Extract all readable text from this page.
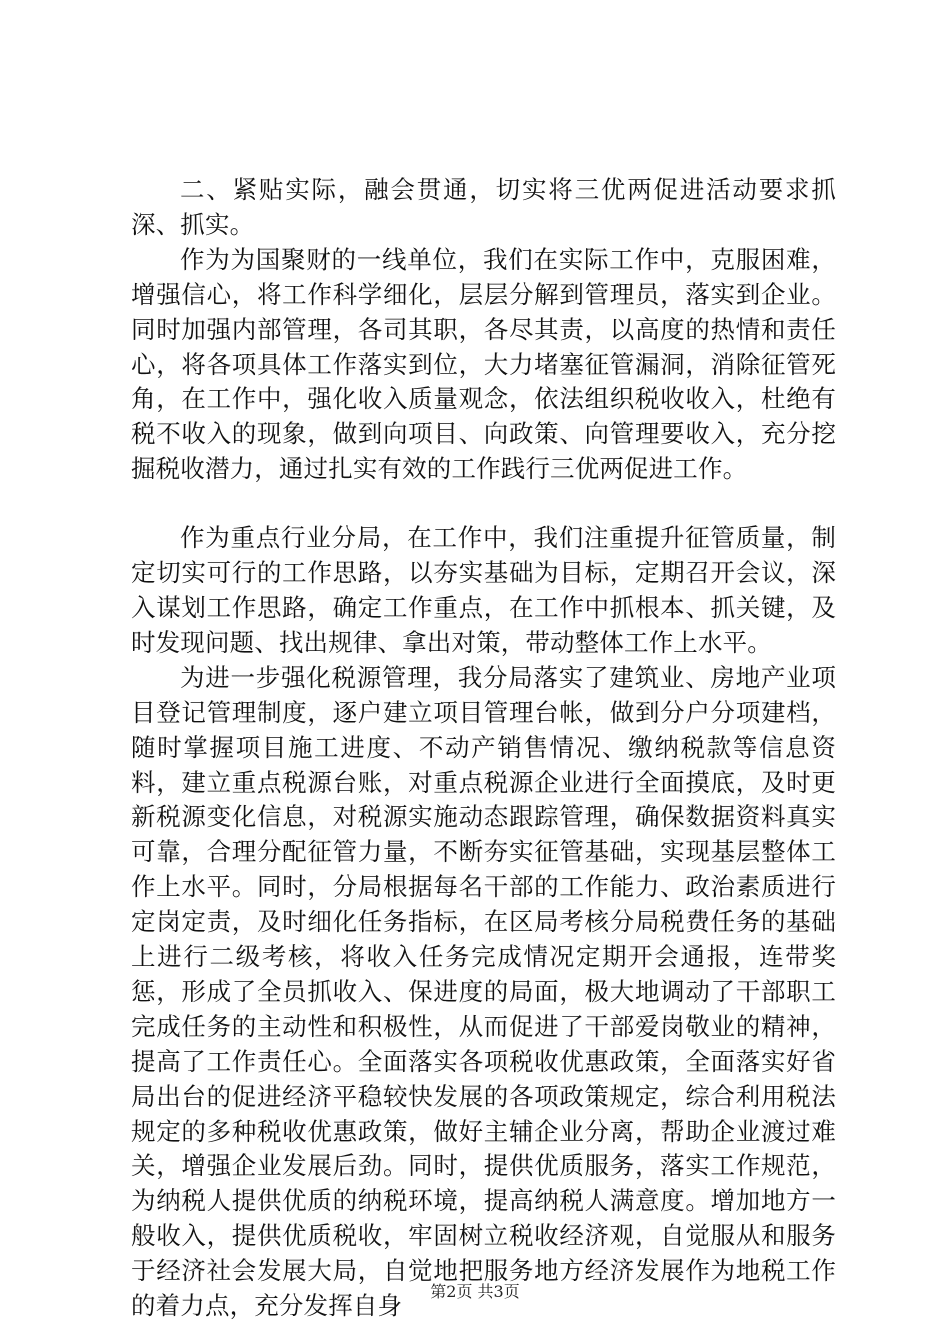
二、紧贴实际，融会贯通，切实将三优两促进活动要求抓深、抓实。

作为为国聚财的一线单位，我们在实际工作中，克服困难，增强信心，将工作科学细化，层层分解到管理员，落实到企业。同时加强内部管理，各司其职，各尽其责，以高度的热情和责任心，将各项具体工作落实到位，大力堵塞征管漏洞，消除征管死角，在工作中，强化收入质量观念，依法组织税收收入，杜绝有税不收入的现象，做到向项目、向政策、向管理要收入，充分挖掘税收潜力，通过扎实有效的工作践行三优两促进工作。

作为重点行业分局，在工作中，我们注重提升征管质量，制定切实可行的工作思路，以夯实基础为目标，定期召开会议，深入谋划工作思路，确定工作重点，在工作中抓根本、抓关键，及时发现问题、找出规律、拿出对策，带动整体工作上水平。

为进一步强化税源管理，我分局落实了建筑业、房地产业项目登记管理制度，逐户建立项目管理台帐，做到分户分项建档，随时掌握项目施工进度、不动产销售情况、缴纳税款等信息资料，建立重点税源台账，对重点税源企业进行全面摸底，及时更新税源变化信息，对税源实施动态跟踪管理，确保数据资料真实可靠，合理分配征管力量，不断夯实征管基础，实现基层整体工作上水平。同时，分局根据每名干部的工作能力、政治素质进行定岗定责，及时细化任务指标，在区局考核分局税费任务的基础上进行二级考核，将收入任务完成情况定期开会通报，连带奖惩，形成了全员抓收入、保进度的局面，极大地调动了干部职工完成任务的主动性和积极性，从而促进了干部爱岗敬业的精神，提高了工作责任心。全面落实各项税收优惠政策，全面落实好省局出台的促进经济平稳较快发展的各项政策规定，综合利用税法规定的多种税收优惠政策，做好主辅企业分离，帮助企业渡过难关，增强企业发展后劲。同时，提供优质服务，落实工作规范，为纳税人提供优质的纳税环境，提高纳税人满意度。增加地方一般收入，提供优质税收，牢固树立税收经济观，自觉服从和服务于经济社会发展大局，自觉地把服务地方经济发展作为地税工作的着力点，充分发挥自身	第2页 共3页
